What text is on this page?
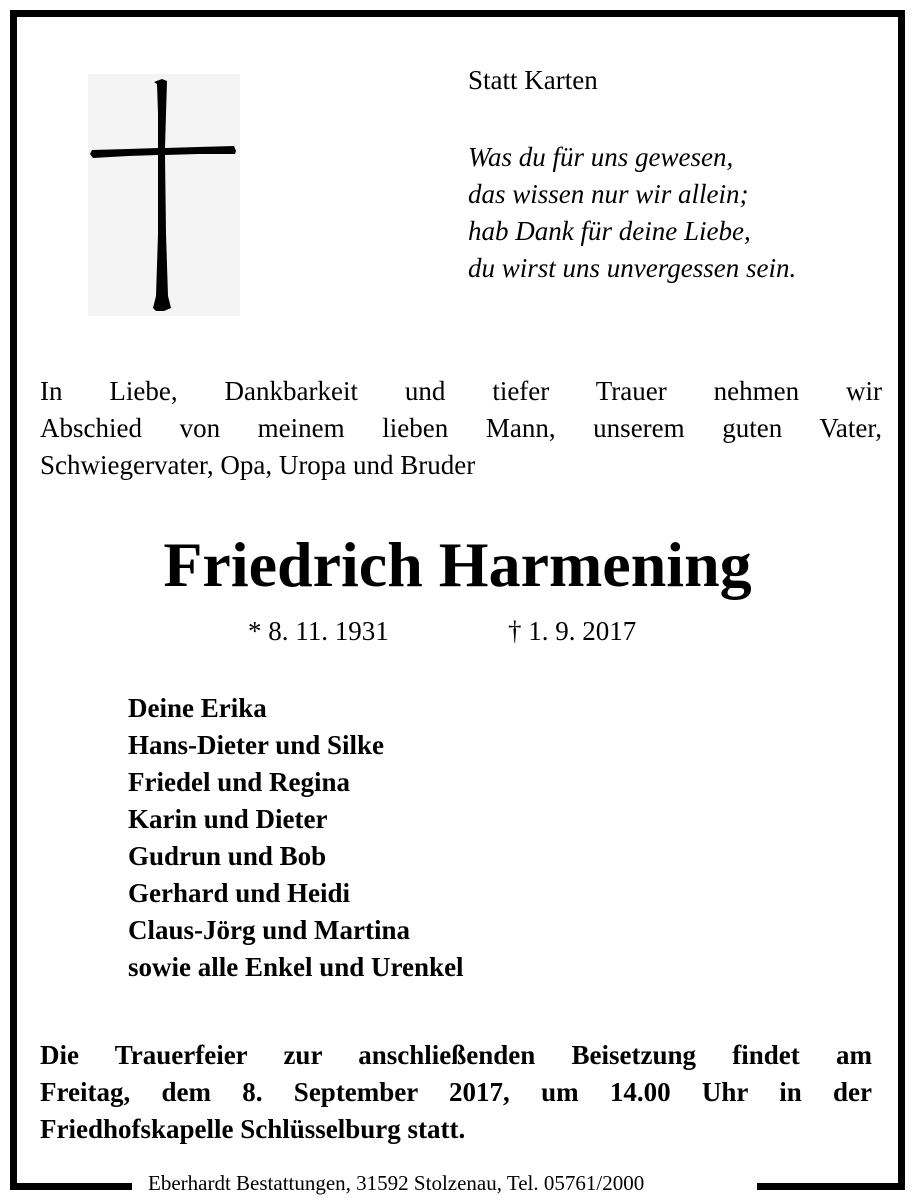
Statt Karten
Was du für uns gewesen,
das wissen nur wir allein;
hab Dank für deine Liebe,
du wirst uns unvergessen sein.
In Liebe, Dankbarkeit und tiefer Trauer nehmen wir
Abschied von meinem lieben Mann, unserem guten Vater,
Schwiegervater, Opa, Uropa und Bruder
Friedrich Harmening
* 8. 11. 1931	† 1. 9. 2017
Deine Erika
Hans-Dieter und Silke
Friedel und Regina
Karin und Dieter
Gudrun und Bob
Gerhard und Heidi
Claus-Jörg und Martina
sowie alle Enkel und Urenkel
Die Trauerfeier zur anschließenden Beisetzung findet am
Freitag, dem 8. September 2017, um 14.00 Uhr in der
Friedhofskapelle Schlüsselburg statt.
Eberhardt Bestattungen, 31592 Stolzenau, Tel. 05761/2000
